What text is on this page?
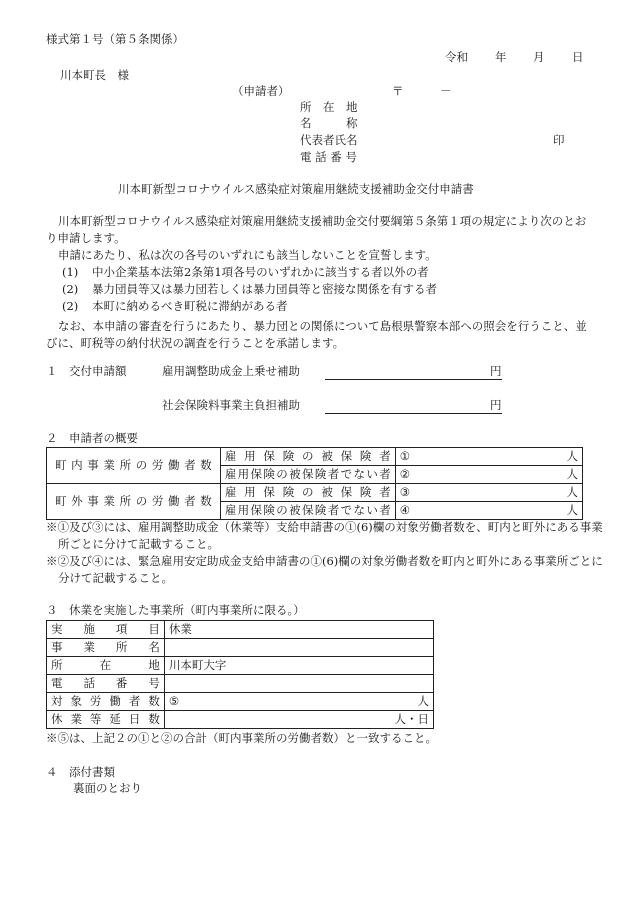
様式第１号（第５条関係）
令和 年 月 日
川本町長　様
（申請者）	〒	－
所　在　地
名　　　称
代表者氏名	印
電 話 番 号
川本町新型コロナウイルス感染症対策雇用継続支援補助金交付申請書
川本町新型コロナウイルス感染症対策雇用継続支援補助金交付要綱第５条第１項の規定により次のとおり申請します。
申請にあたり、私は次の各号のいずれにも該当しないことを宣誓します。
(1) 中小企業基本法第2条第1項各号のいずれかに該当する者以外の者
(2) 暴力団員等又は暴力団若しくは暴力団員等と密接な関係を有する者
(2) 本町に納めるべき町税に滞納がある者
なお、本申請の審査を行うにあたり、暴力団との関係について島根県警察本部への照会を行うこと、並びに、町税等の納付状況の調査を行うことを承諾します。
１　交付申請額	雇用調整助成金上乗せ補助	円
社会保険料事業主負担補助	円
２　申請者の概要
町内事業所の労働者数	雇用保険の被保険者	① 人

	雇用保険の被保険者でない者	② 人

町外事業所の労働者数	雇用保険の被保険者	③ 人

	雇用保険の被保険者でない者	④ 人
※①及び③には、雇用調整助成金（休業等）支給申請書の①(6)欄の対象労働者数を、町内と町外にある事業所ごとに分けて記載すること。
※②及び④には、緊急雇用安定助成金支給申請書の①(6)欄の対象労働者数を町内と町外にある事業所ごとに分けて記載すること。
３　休業を実施した事業所（町内事業所に限る。）
実施項目	休業

事業所名	

所在地	川本町大字

電話番号	

対象労働者数	⑤ 人

休業等延日数	人・日
※⑤は、上記２の①と②の合計（町内事業所の労働者数）と一致すること。
４　添付書類
裏面のとおり
